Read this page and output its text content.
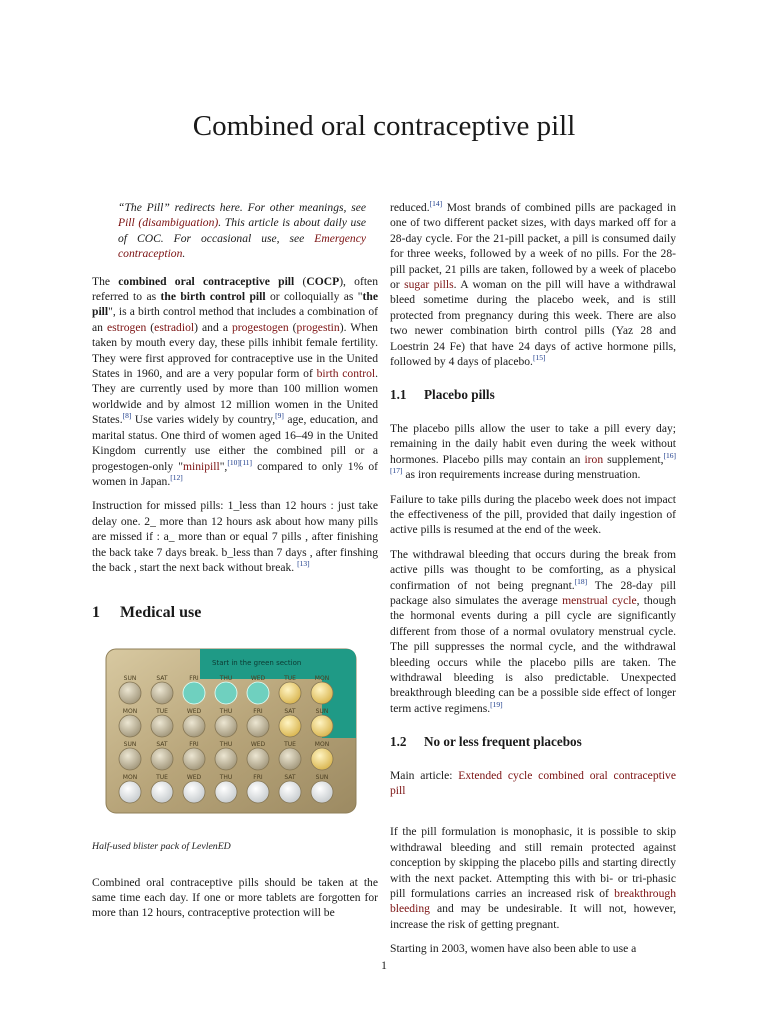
Combined oral contraceptive pill

“The Pill” redirects here. For other meanings, see Pill (disambiguation). This article is about daily use of COC. For occasional use, see Emergency contraception.

The combined oral contraceptive pill (COCP), often referred to as the birth control pill or colloquially as "the pill", is a birth control method that includes a combination of an estrogen (estradiol) and a progestogen (progestin). When taken by mouth every day, these pills inhibit female fertility. They were first approved for contraceptive use in the United States in 1960, and are a very popular form of birth control. They are currently used by more than 100 million women worldwide and by almost 12 million women in the United States.[8] Use varies widely by country,[9] age, education, and marital status. One third of women aged 16–49 in the United Kingdom currently use either the combined pill or a progestogen-only "minipill",[10][11] compared to only 1% of women in Japan.[12]

Instruction for missed pills: 1_less than 12 hours : just take delay one. 2_ more than 12 hours ask about how many pills are missed if : a_ more than or equal 7 pills , after finishing the back take 7 days break. b_less than 7 days , after finshing the back , start the next back without break. [13]

1 Medical use
Start in the green section
SUN	SAT	FRI	THU	WED	TUE	MON
MON	TUE	WED	THU	FRI	SAT	SUN
SUN	SAT	FRI	THU	WED	TUE	MON
MON	TUE	WED	THU	FRI	SAT	SUN

Half-used blister pack of LevlenED

Combined oral contraceptive pills should be taken at the same time each day. If one or more tablets are forgotten for more than 12 hours, contraceptive protection will be

reduced.[14] Most brands of combined pills are packaged in one of two different packet sizes, with days marked off for a 28-day cycle. For the 21-pill packet, a pill is consumed daily for three weeks, followed by a week of no pills. For the 28-pill packet, 21 pills are taken, followed by a week of placebo or sugar pills. A woman on the pill will have a withdrawal bleed sometime during the placebo week, and is still protected from pregnancy during this week. There are also two newer combination birth control pills (Yaz 28 and Loestrin 24 Fe) that have 24 days of active hormone pills, followed by 4 days of placebo.[15]

1.1 Placebo pills

The placebo pills allow the user to take a pill every day; remaining in the daily habit even during the week without hormones. Placebo pills may contain an iron supplement,[16][17] as iron requirements increase during menstruation.

Failure to take pills during the placebo week does not impact the effectiveness of the pill, provided that daily ingestion of active pills is resumed at the end of the week.

The withdrawal bleeding that occurs during the break from active pills was thought to be comforting, as a physical confirmation of not being pregnant.[18] The 28-day pill package also simulates the average menstrual cycle, though the hormonal events during a pill cycle are significantly different from those of a normal ovulatory menstrual cycle. The pill suppresses the normal cycle, and the withdrawal bleeding occurs while the placebo pills are taken. The withdrawal bleeding is also predictable. Unexpected breakthrough bleeding can be a possible side effect of longer term active regimens.[19]

1.2 No or less frequent placebos

Main article: Extended cycle combined oral contraceptive pill

If the pill formulation is monophasic, it is possible to skip withdrawal bleeding and still remain protected against conception by skipping the placebo pills and starting directly with the next packet. Attempting this with bi- or tri-phasic pill formulations carries an increased risk of breakthrough bleeding and may be undesirable. It will not, however, increase the risk of getting pregnant.

Starting in 2003, women have also been able to use a

1
